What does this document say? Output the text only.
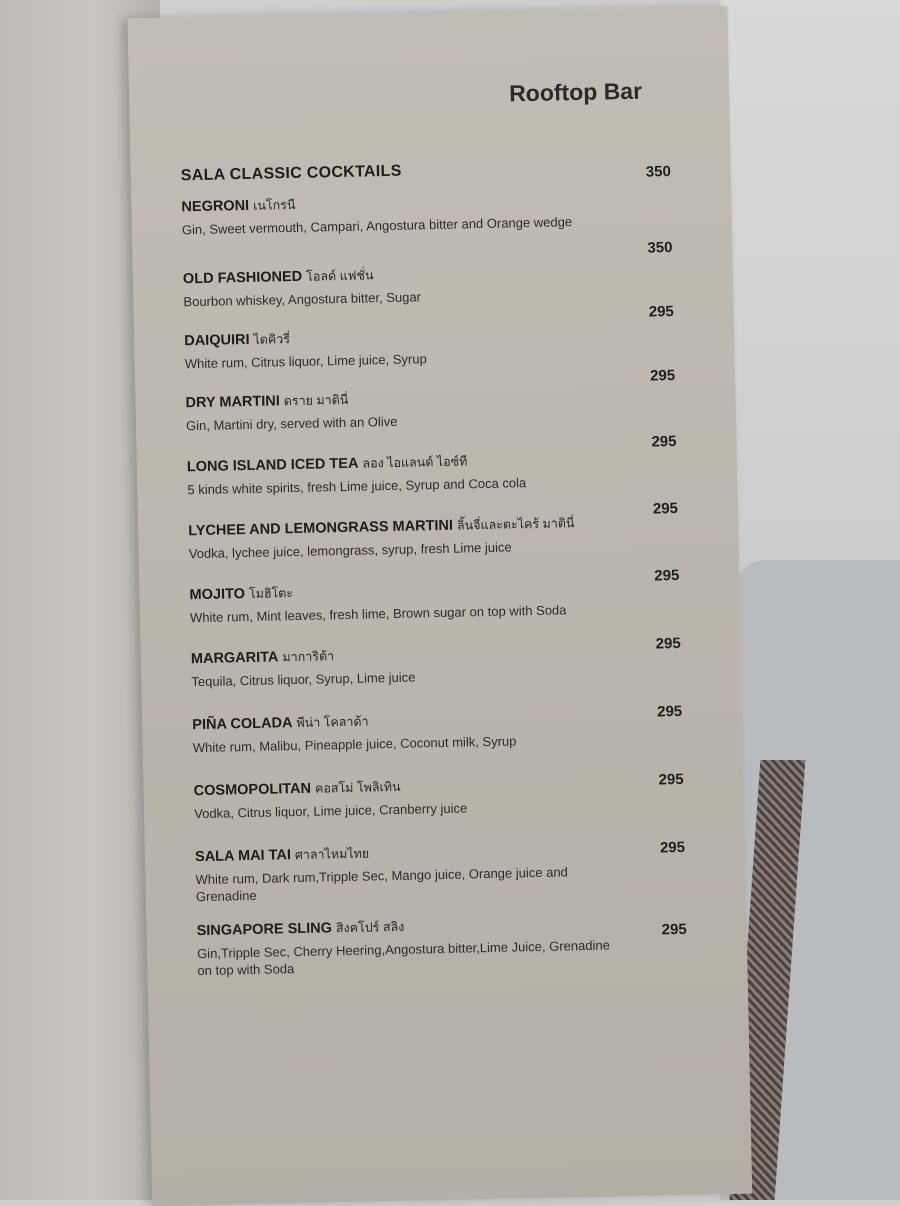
Rooftop Bar
SALA CLASSIC COCKTAILS
NEGRONI เนโกรนี
Gin, Sweet vermouth, Campari, Angostura bitter and Orange wedge
350
OLD FASHIONED โอลด์ แฟชั่น
Bourbon whiskey, Angostura bitter, Sugar
350
DAIQUIRI ไดคิวรี่
White rum, Citrus liquor, Lime juice, Syrup
295
DRY MARTINI ดราย มาตินี่
Gin, Martini dry, served with an Olive
295
LONG ISLAND ICED TEA ลอง ไอแลนด์ ไอซ์ที
5 kinds white spirits, fresh Lime juice, Syrup and Coca cola
295
LYCHEE AND LEMONGRASS MARTINI ลิ้นจี่และตะไคร้ มาตินี่
Vodka, lychee juice, lemongrass, syrup, fresh Lime juice
295
MOJITO โมฮิโตะ
White rum, Mint leaves, fresh lime, Brown sugar on top with Soda
295
MARGARITA มาการิต้า
Tequila, Citrus liquor, Syrup, Lime juice
295
PIÑA COLADA พีน่า โคลาด้า
White rum, Malibu, Pineapple juice, Coconut milk, Syrup
295
COSMOPOLITAN คอสโม่ โพลิเทิน
Vodka, Citrus liquor, Lime juice, Cranberry juice
295
SALA MAI TAI ศาลาไหมไทย
White rum, Dark rum,Tripple Sec, Mango juice, Orange juice and Grenadine
295
SINGAPORE SLING สิงคโปร์ สลิง
Gin,Tripple Sec, Cherry Heering,Angostura bitter,Lime Juice, Grenadine on top with Soda
295
